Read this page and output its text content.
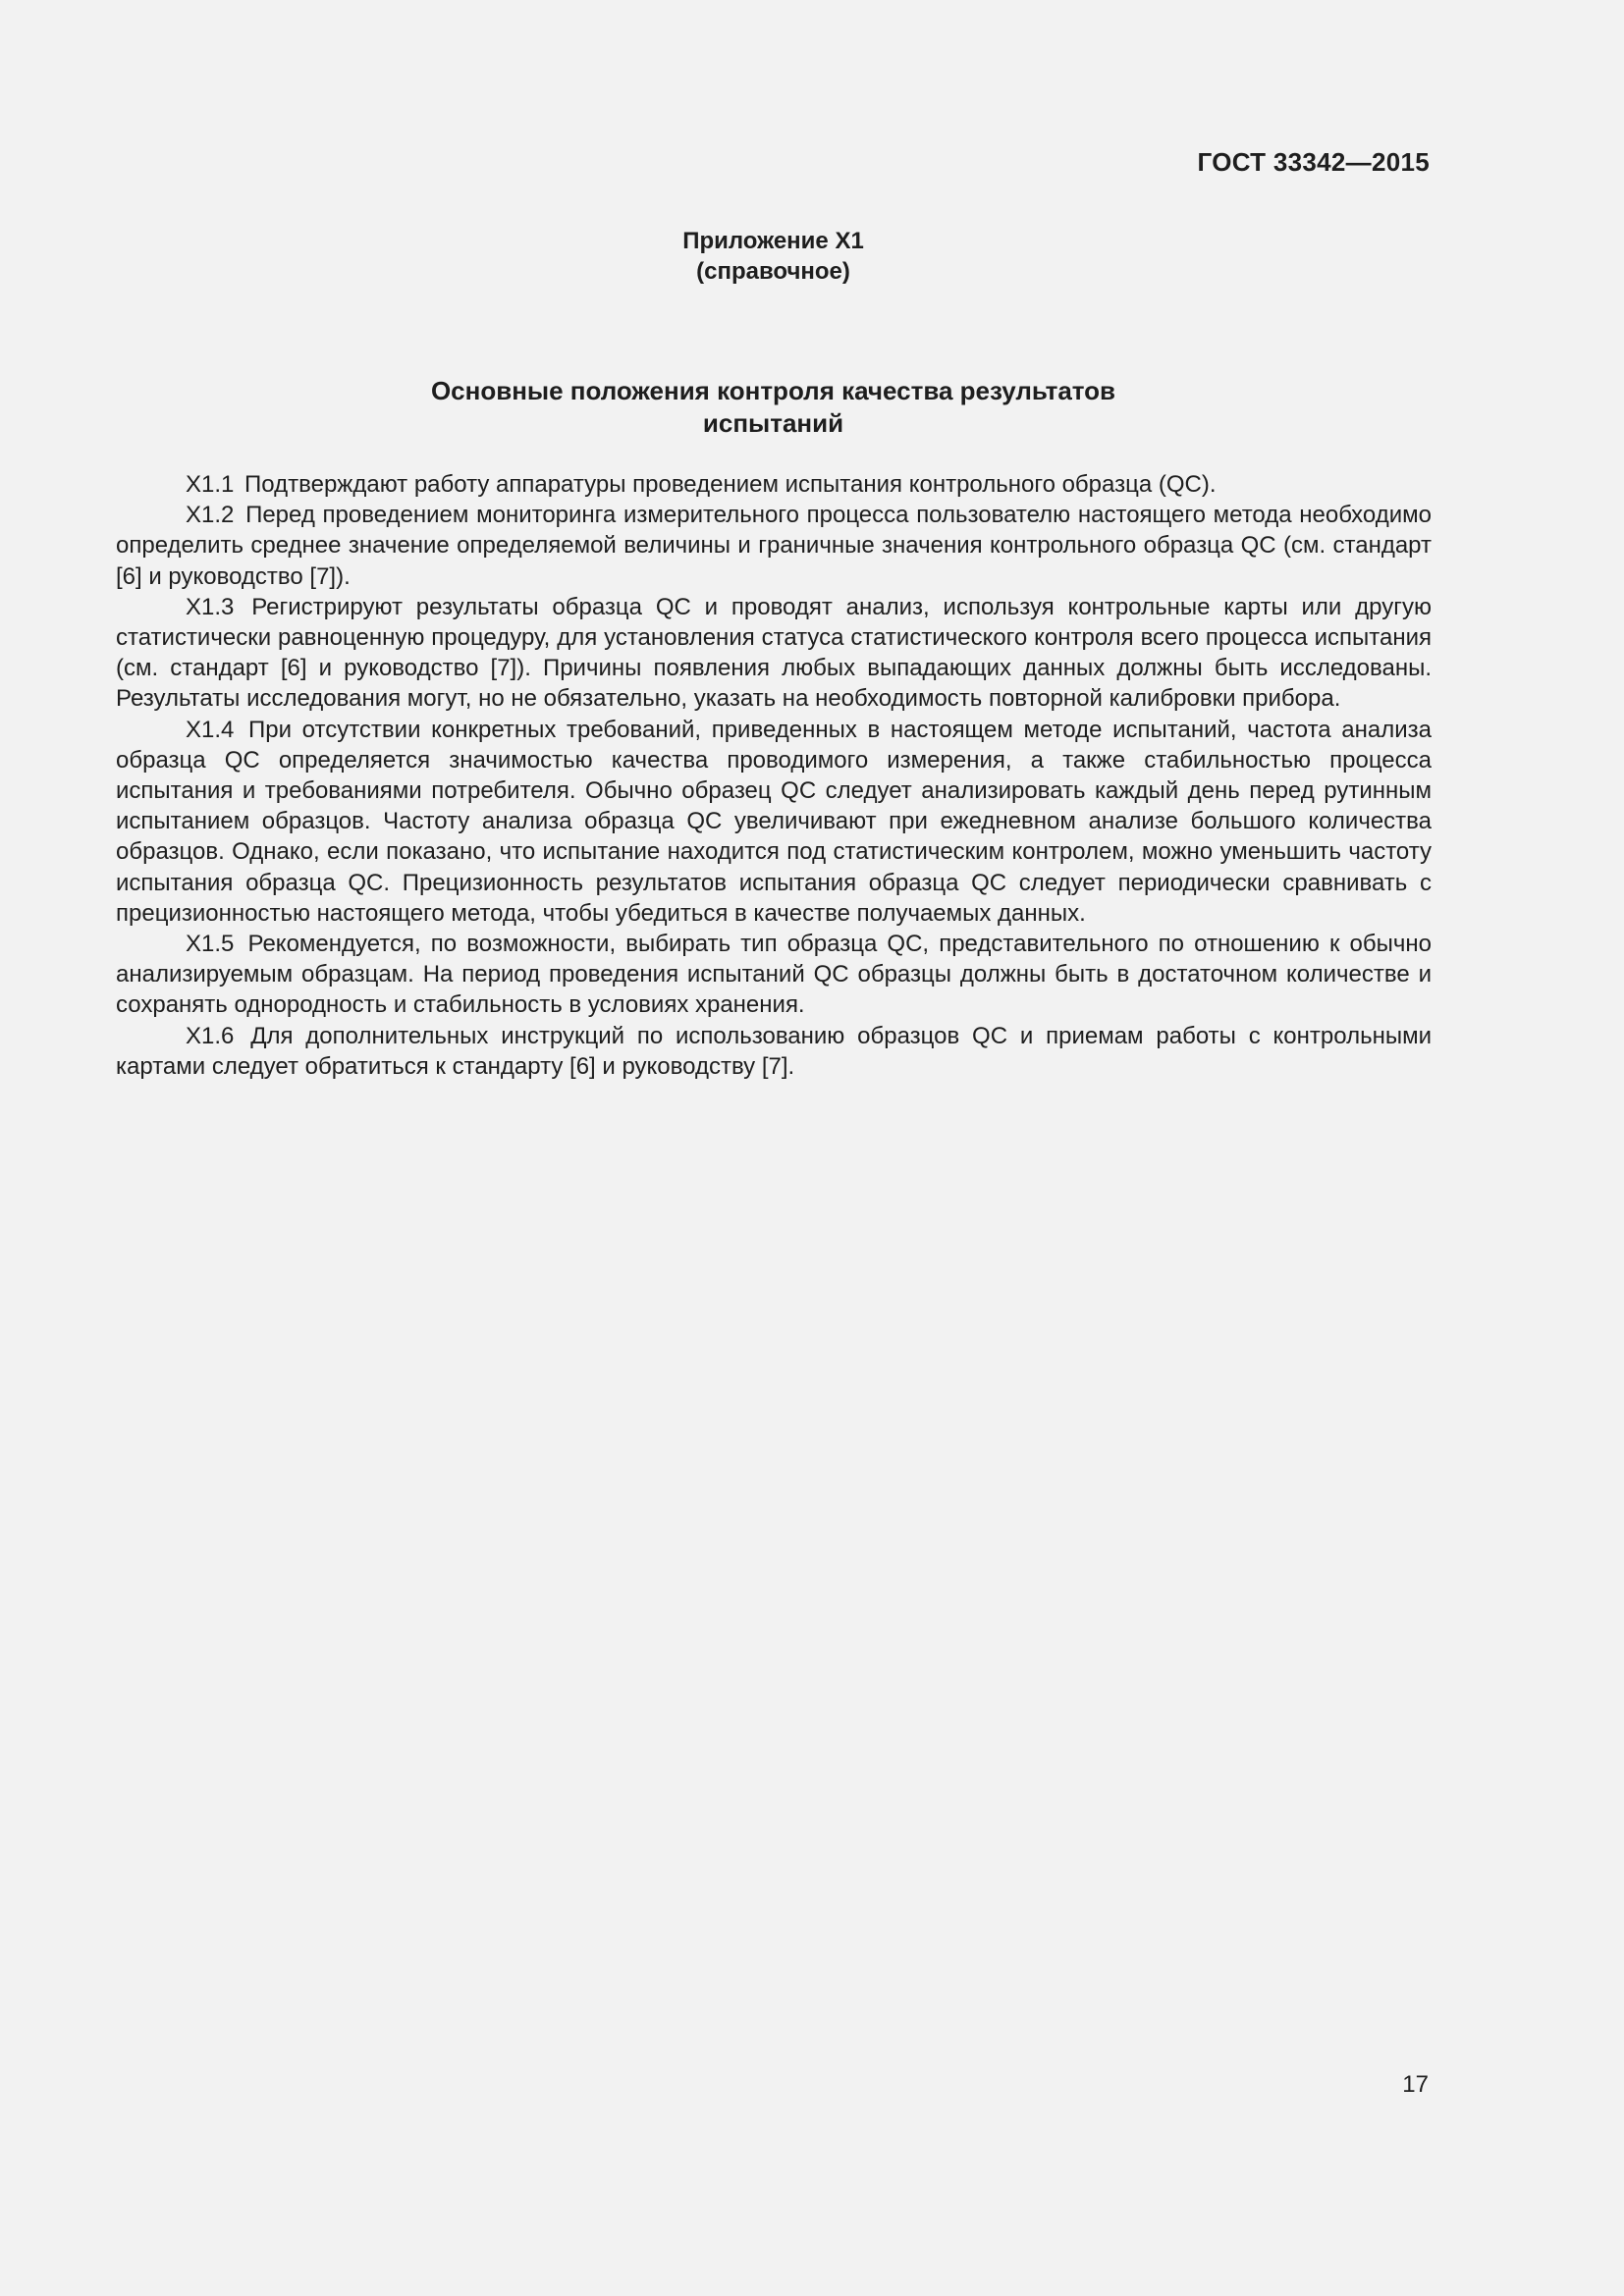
ГОСТ 33342—2015
Приложение Х1
(справочное)
Основные положения контроля качества результатов
испытаний

Х1.1 Подтверждают работу аппаратуры проведением испытания контрольного образца (QC).

Х1.2 Перед проведением мониторинга измерительного процесса пользователю настоящего метода необходимо определить среднее значение определяемой величины и граничные значения контрольного образца QC (см. стандарт [6] и руководство [7]).

Х1.3 Регистрируют результаты образца QC и проводят анализ, используя контрольные карты или другую статистически равноценную процедуру, для установления статуса статистического контроля всего процесса испытания (см. стандарт [6] и руководство [7]). Причины появления любых выпадающих данных должны быть исследованы. Результаты исследования могут, но не обязательно, указать на необходимость повторной калибровки прибора.

Х1.4 При отсутствии конкретных требований, приведенных в настоящем методе испытаний, частота анализа образца QC определяется значимостью качества проводимого измерения, а также стабильностью процесса испытания и требованиями потребителя. Обычно образец QC следует анализировать каждый день перед рутинным испытанием образцов. Частоту анализа образца QC увеличивают при ежедневном анализе большого количества образцов. Однако, если показано, что испытание находится под статистическим контролем, можно уменьшить частоту испытания образца QC. Прецизионность результатов испытания образца QC следует периодически сравнивать с прецизионностью настоящего метода, чтобы убедиться в качестве получаемых данных.

Х1.5 Рекомендуется, по возможности, выбирать тип образца QC, представительного по отношению к обычно анализируемым образцам. На период проведения испытаний QC образцы должны быть в достаточном количестве и сохранять однородность и стабильность в условиях хранения.

Х1.6 Для дополнительных инструкций по использованию образцов QC и приемам работы с контрольными картами следует обратиться к стандарту [6] и руководству [7].

17
